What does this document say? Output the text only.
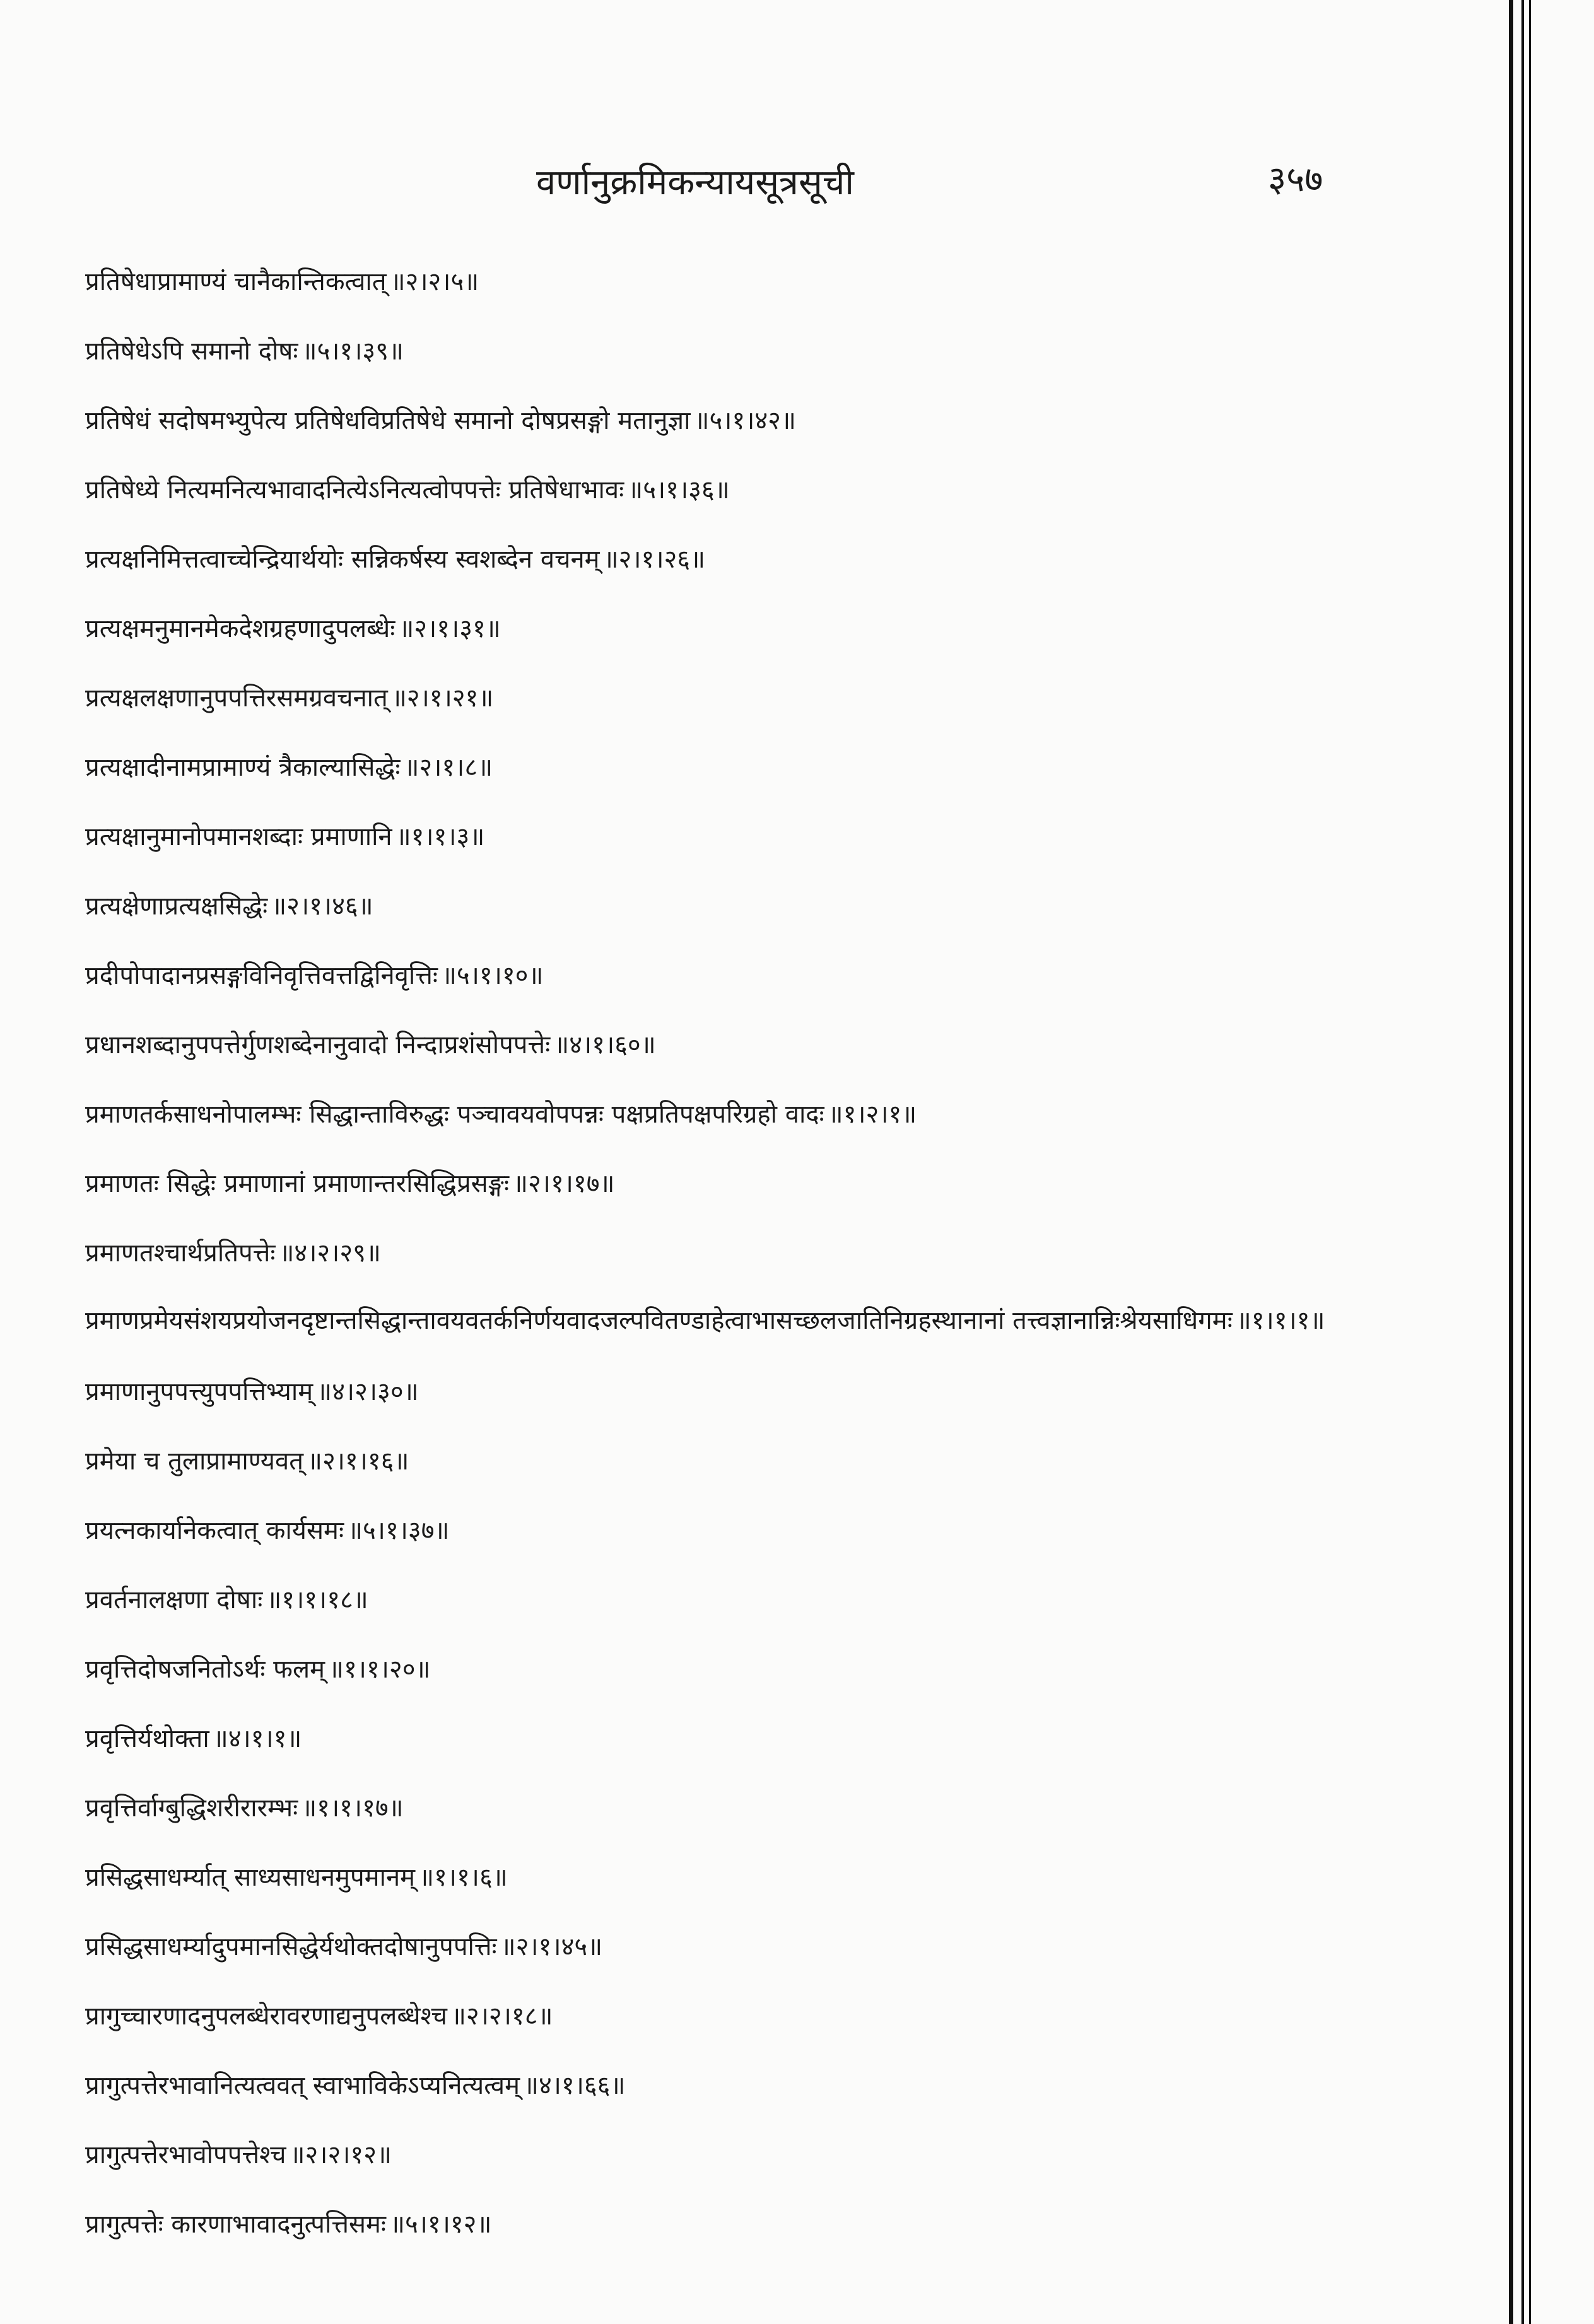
वर्णानुक्रमिकन्यायसूत्रसूची	३५७
प्रतिषेधाप्रामाण्यं चानैकान्तिकत्वात् ॥२।२।५॥
प्रतिषेधेऽपि समानो दोषः ॥५।१।३९॥
प्रतिषेधं सदोषमभ्युपेत्य प्रतिषेधविप्रतिषेधे समानो दोषप्रसङ्गो मतानुज्ञा ॥५।१।४२॥
प्रतिषेध्ये नित्यमनित्यभावादनित्येऽनित्यत्वोपपत्तेः प्रतिषेधाभावः ॥५।१।३६॥
प्रत्यक्षनिमित्तत्वाच्चेन्द्रियार्थयोः सन्निकर्षस्य स्वशब्देन वचनम् ॥२।१।२६॥
प्रत्यक्षमनुमानमेकदेशग्रहणादुपलब्धेः ॥२।१।३१॥
प्रत्यक्षलक्षणानुपपत्तिरसमग्रवचनात् ॥२।१।२१॥
प्रत्यक्षादीनामप्रामाण्यं त्रैकाल्यासिद्धेः ॥२।१।८॥
प्रत्यक्षानुमानोपमानशब्दाः प्रमाणानि ॥१।१।३॥
प्रत्यक्षेणाप्रत्यक्षसिद्धेः ॥२।१।४६॥
प्रदीपोपादानप्रसङ्गविनिवृत्तिवत्तद्विनिवृत्तिः ॥५।१।१०॥
प्रधानशब्दानुपपत्तेर्गुणशब्देनानुवादो निन्दाप्रशंसोपपत्तेः ॥४।१।६०॥
प्रमाणतर्कसाधनोपालम्भः सिद्धान्ताविरुद्धः पञ्चावयवोपपन्नः पक्षप्रतिपक्षपरिग्रहो वादः ॥१।२।१॥
प्रमाणतः सिद्धेः प्रमाणानां प्रमाणान्तरसिद्धिप्रसङ्गः ॥२।१।१७॥
प्रमाणतश्चार्थप्रतिपत्तेः ॥४।२।२९॥
प्रमाणप्रमेयसंशयप्रयोजनदृष्टान्तसिद्धान्तावयवतर्कनिर्णयवादजल्पवितण्डाहेत्वाभासच्छलजातिनिग्रहस्थानानां तत्त्वज्ञानान्निःश्रेयसाधिगमः ॥१।१।१॥
प्रमाणानुपपत्त्युपपत्तिभ्याम् ॥४।२।३०॥
प्रमेया च तुलाप्रामाण्यवत् ॥२।१।१६॥
प्रयत्नकार्यानेकत्वात् कार्यसमः ॥५।१।३७॥
प्रवर्तनालक्षणा दोषाः ॥१।१।१८॥
प्रवृत्तिदोषजनितोऽर्थः फलम् ॥१।१।२०॥
प्रवृत्तिर्यथोक्ता ॥४।१।१॥
प्रवृत्तिर्वाग्बुद्धिशरीरारम्भः ॥१।१।१७॥
प्रसिद्धसाधर्म्यात् साध्यसाधनमुपमानम् ॥१।१।६॥
प्रसिद्धसाधर्म्यादुपमानसिद्धेर्यथोक्तदोषानुपपत्तिः ॥२।१।४५॥
प्रागुच्चारणादनुपलब्धेरावरणाद्यनुपलब्धेश्च ॥२।२।१८॥
प्रागुत्पत्तेरभावानित्यत्ववत् स्वाभाविकेऽप्यनित्यत्वम् ॥४।१।६६॥
प्रागुत्पत्तेरभावोपपत्तेश्च ॥२।२।१२॥
प्रागुत्पत्तेः कारणाभावादनुत्पत्तिसमः ॥५।१।१२॥
